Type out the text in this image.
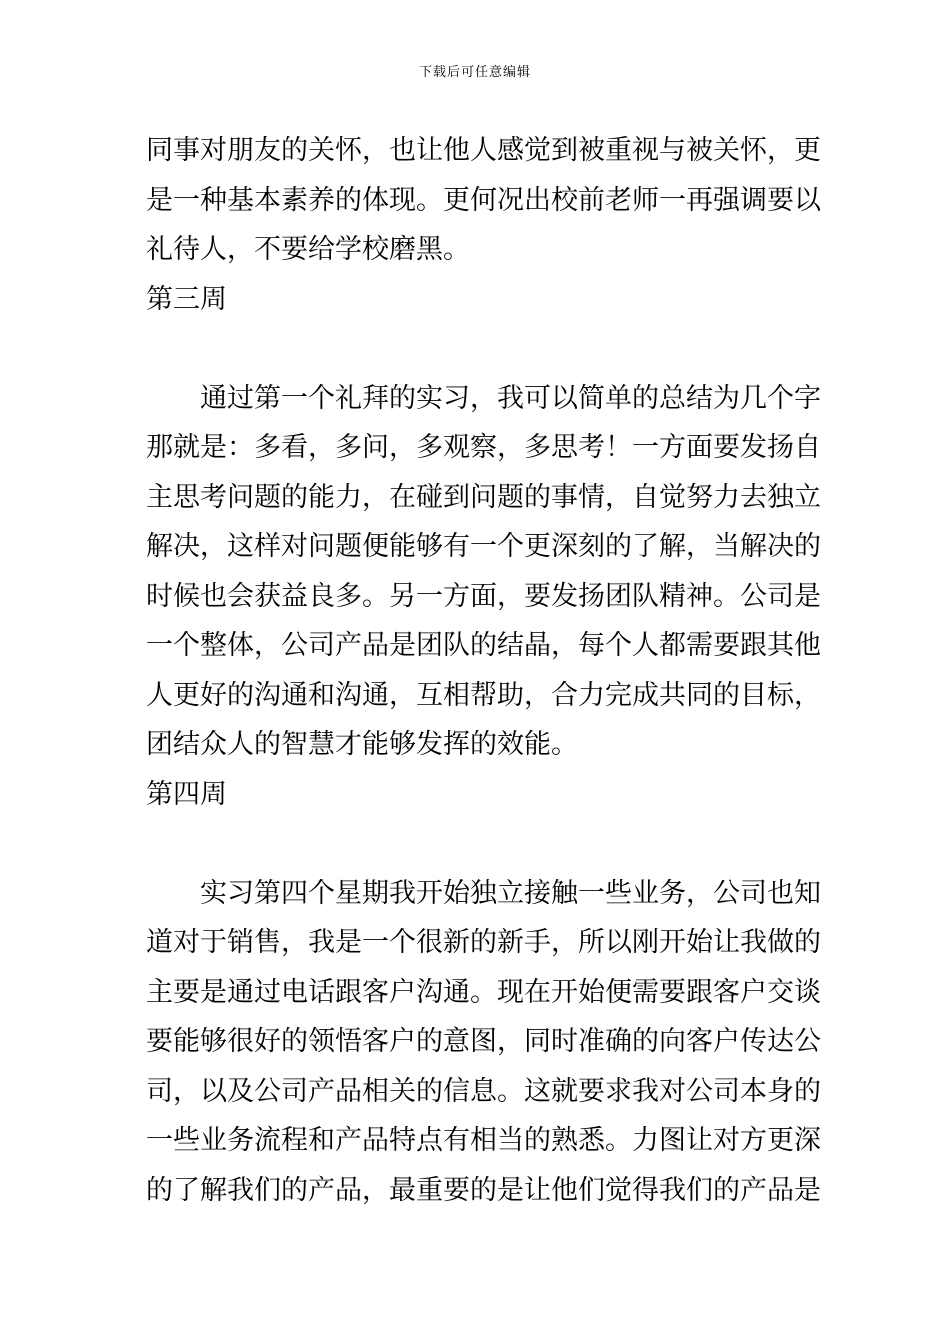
下载后可任意编辑
同事对朋友的关怀，也让他人感觉到被重视与被关怀，更
是一种基本素养的体现。更何况出校前老师一再强调要以
礼待人，不要给学校磨黑。
第三周
通过第一个礼拜的实习，我可以简单的总结为几个字
那就是：多看，多问，多观察，多思考！一方面要发扬自
主思考问题的能力，在碰到问题的事情，自觉努力去独立
解决，这样对问题便能够有一个更深刻的了解，当解决的
时候也会获益良多。另一方面，要发扬团队精神。公司是
一个整体，公司产品是团队的结晶，每个人都需要跟其他
人更好的沟通和沟通，互相帮助，合力完成共同的目标，
团结众人的智慧才能够发挥的效能。
第四周
实习第四个星期我开始独立接触一些业务，公司也知
道对于销售，我是一个很新的新手，所以刚开始让我做的
主要是通过电话跟客户沟通。现在开始便需要跟客户交谈
要能够很好的领悟客户的意图，同时准确的向客户传达公
司，以及公司产品相关的信息。这就要求我对公司本身的
一些业务流程和产品特点有相当的熟悉。力图让对方更深
的了解我们的产品，最重要的是让他们觉得我们的产品是
